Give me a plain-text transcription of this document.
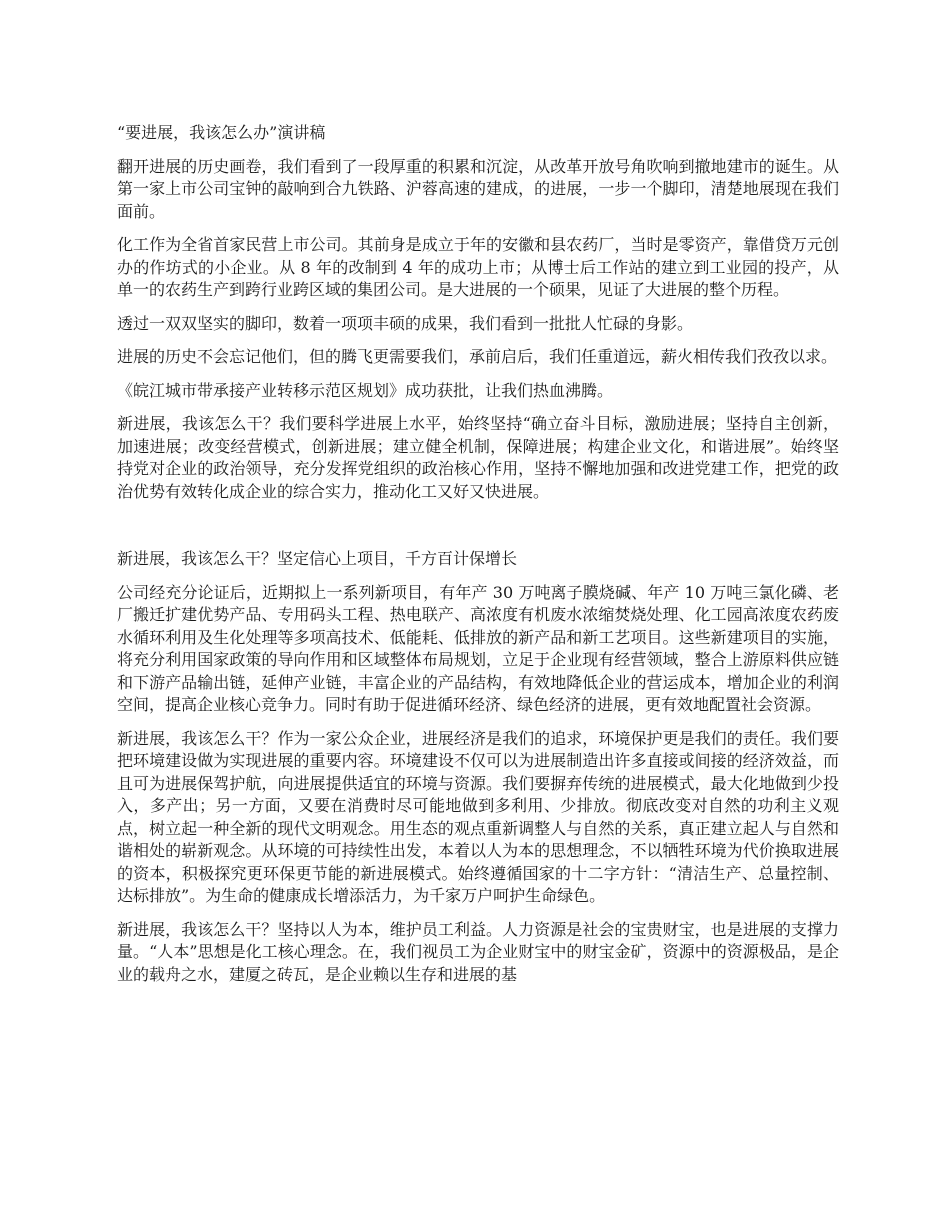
“要进展，我该怎么办”演讲稿

翻开进展的历史画卷，我们看到了一段厚重的积累和沉淀，从改革开放号角吹响到撤地建市的诞生。从第一家上市公司宝钟的敲响到合九铁路、沪蓉高速的建成，的进展，一步一个脚印，清楚地展现在我们面前。

化工作为全省首家民营上市公司。其前身是成立于年的安徽和县农药厂，当时是零资产，靠借贷万元创办的作坊式的小企业。从 8 年的改制到 4 年的成功上市；从博士后工作站的建立到工业园的投产，从单一的农药生产到跨行业跨区域的集团公司。是大进展的一个硕果，见证了大进展的整个历程。

透过一双双坚实的脚印，数着一项项丰硕的成果，我们看到一批批人忙碌的身影。

进展的历史不会忘记他们，但的腾飞更需要我们，承前启后，我们任重道远，薪火相传我们孜孜以求。

《皖江城市带承接产业转移示范区规划》成功获批，让我们热血沸腾。

新进展，我该怎么干？我们要科学进展上水平，始终坚持“确立奋斗目标，激励进展；坚持自主创新，加速进展；改变经营模式，创新进展；建立健全机制，保障进展；构建企业文化，和谐进展”。始终坚持党对企业的政治领导，充分发挥党组织的政治核心作用，坚持不懈地加强和改进党建工作，把党的政治优势有效转化成企业的综合实力，推动化工又好又快进展。

新进展，我该怎么干？坚定信心上项目，千方百计保增长

公司经充分论证后，近期拟上一系列新项目，有年产 30 万吨离子膜烧碱、年产 10 万吨三氯化磷、老厂搬迁扩建优势产品、专用码头工程、热电联产、高浓度有机废水浓缩焚烧处理、化工园高浓度农药废水循环利用及生化处理等多项高技术、低能耗、低排放的新产品和新工艺项目。这些新建项目的实施，将充分利用国家政策的导向作用和区域整体布局规划，立足于企业现有经营领域，整合上游原料供应链和下游产品输出链，延伸产业链，丰富企业的产品结构，有效地降低企业的营运成本，增加企业的利润空间，提高企业核心竞争力。同时有助于促进循环经济、绿色经济的进展，更有效地配置社会资源。

新进展，我该怎么干？作为一家公众企业，进展经济是我们的追求，环境保护更是我们的责任。我们要把环境建设做为实现进展的重要内容。环境建设不仅可以为进展制造出许多直接或间接的经济效益，而且可为进展保驾护航，向进展提供适宜的环境与资源。我们要摒弃传统的进展模式，最大化地做到少投入，多产出；另一方面，又要在消费时尽可能地做到多利用、少排放。彻底改变对自然的功利主义观点，树立起一种全新的现代文明观念。用生态的观点重新调整人与自然的关系，真正建立起人与自然和谐相处的崭新观念。从环境的可持续性出发，本着以人为本的思想理念，不以牺牲环境为代价换取进展的资本，积极探究更环保更节能的新进展模式。始终遵循国家的十二字方针：“清洁生产、总量控制、达标排放”。为生命的健康成长增添活力，为千家万户呵护生命绿色。

新进展，我该怎么干？坚持以人为本，维护员工利益。人力资源是社会的宝贵财宝，也是进展的支撑力量。“人本”思想是化工核心理念。在，我们视员工为企业财宝中的财宝金矿，资源中的资源极品，是企业的载舟之水，建厦之砖瓦，是企业赖以生存和进展的基
